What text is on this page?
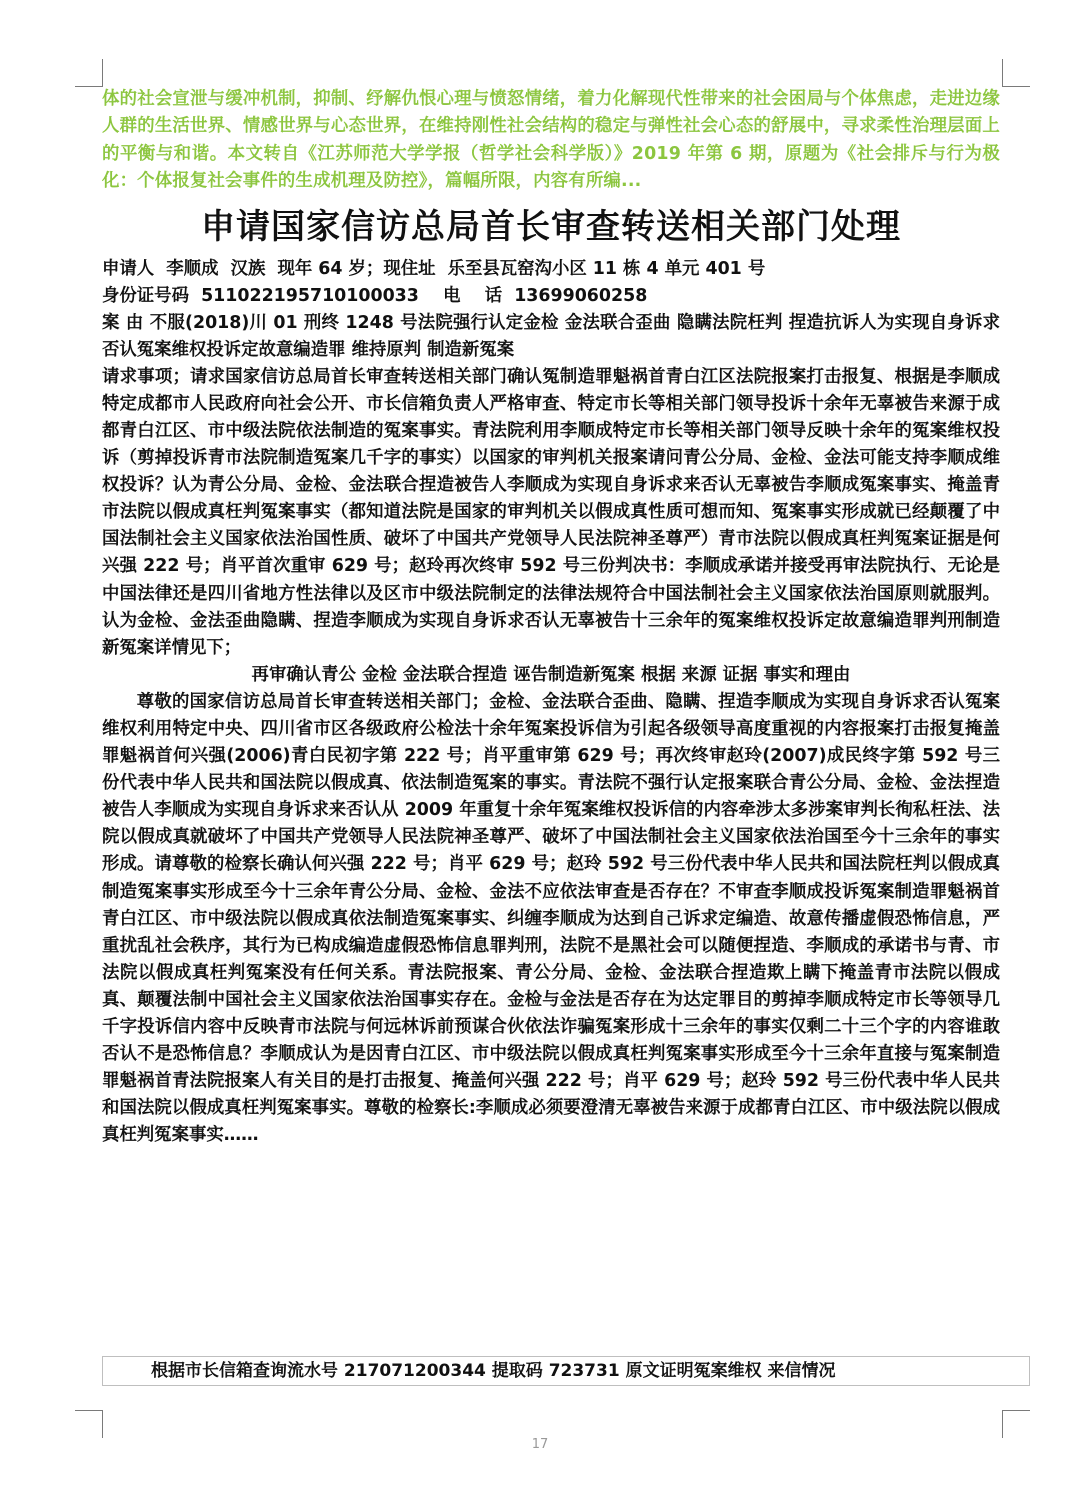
体的社会宣泄与缓冲机制，抑制、纾解仇恨心理与愤怒情绪，着力化解现代性带来的社会困局与个体焦虑，走进边缘人群的生活世界、情感世界与心态世界，在维持刚性社会结构的稳定与弹性社会心态的舒展中，寻求柔性治理层面上的平衡与和谐。本文转自《江苏师范大学学报（哲学社会科学版）》2019 年第 6 期，原题为《社会排斥与行为极化：个体报复社会事件的生成机理及防控》，篇幅所限，内容有所编...
申请国家信访总局首长审查转送相关部门处理
申请人  李顺成  汉族  现年 64 岁；现住址  乐至县瓦窑沟小区 11 栋 4 单元 401 号
身份证号码  511022195710100033    电    话  13699060258
案 由 不服(2018)川 01 刑终 1248 号法院强行认定金检 金法联合歪曲 隐瞒法院枉判 捏造抗诉人为实现自身诉求 否认冤案维权投诉定故意编造罪 维持原判 制造新冤案
请求事项；请求国家信访总局首长审查转送相关部门确认冤制造罪魁祸首青白江区法院报案打击报复、根据是李顺成特定成都市人民政府向社会公开、市长信箱负责人严格审查、特定市长等相关部门领导投诉十余年无辜被告来源于成都青白江区、市中级法院依法制造的冤案事实。青法院利用李顺成特定市长等相关部门领导反映十余年的冤案维权投诉（剪掉投诉青市法院制造冤案几千字的事实）以国家的审判机关报案请问青公分局、金检、金法可能支持李顺成维权投诉？认为青公分局、金检、金法联合捏造被告人李顺成为实现自身诉求来否认无辜被告李顺成冤案事实、掩盖青市法院以假成真枉判冤案事实（都知道法院是国家的审判机关以假成真性质可想而知、冤案事实形成就已经颠覆了中国法制社会主义国家依法治国性质、破坏了中国共产党领导人民法院神圣尊严）青市法院以假成真枉判冤案证据是何兴强 222 号；肖平首次重审 629 号；赵玲再次终审 592 号三份判决书：李顺成承诺并接受再审法院执行、无论是中国法律还是四川省地方性法律以及区市中级法院制定的法律法规符合中国法制社会主义国家依法治国原则就服判。认为金检、金法歪曲隐瞒、捏造李顺成为实现自身诉求否认无辜被告十三余年的冤案维权投诉定故意编造罪判刑制造新冤案详情见下；
再审确认青公 金检 金法联合捏造 诬告制造新冤案 根据 来源 证据 事实和理由
尊敬的国家信访总局首长审查转送相关部门；金检、金法联合歪曲、隐瞒、捏造李顺成为实现自身诉求否认冤案维权利用特定中央、四川省市区各级政府公检法十余年冤案投诉信为引起各级领导高度重视的内容报案打击报复掩盖罪魁祸首何兴强(2006)青白民初字第 222 号；肖平重审第 629 号；再次终审赵玲(2007)成民终字第 592 号三份代表中华人民共和国法院以假成真、依法制造冤案的事实。青法院不强行认定报案联合青公分局、金检、金法捏造被告人李顺成为实现自身诉求来否认从 2009 年重复十余年冤案维权投诉信的内容牵涉太多涉案审判长徇私枉法、法院以假成真就破坏了中国共产党领导人民法院神圣尊严、破坏了中国法制社会主义国家依法治国至今十三余年的事实形成。请尊敬的检察长确认何兴强 222 号；肖平 629 号；赵玲 592 号三份代表中华人民共和国法院枉判以假成真制造冤案事实形成至今十三余年青公分局、金检、金法不应依法审查是否存在？不审查李顺成投诉冤案制造罪魁祸首青白江区、市中级法院以假成真依法制造冤案事实、纠缠李顺成为达到自己诉求定编造、故意传播虚假恐怖信息，严重扰乱社会秩序，其行为已构成编造虚假恐怖信息罪判刑，法院不是黑社会可以随便捏造、李顺成的承诺书与青、市法院以假成真枉判冤案没有任何关系。青法院报案、青公分局、金检、金法联合捏造欺上瞒下掩盖青市法院以假成真、颠覆法制中国社会主义国家依法治国事实存在。金检与金法是否存在为达定罪目的剪掉李顺成特定市长等领导几千字投诉信内容中反映青市法院与何远林诉前预谋合伙依法诈骗冤案形成十三余年的事实仅剩二十三个字的内容谁敢否认不是恐怖信息？李顺成认为是因青白江区、市中级法院以假成真枉判冤案事实形成至今十三余年直接与冤案制造罪魁祸首青法院报案人有关目的是打击报复、掩盖何兴强 222 号；肖平 629 号；赵玲 592 号三份代表中华人民共和国法院以假成真枉判冤案事实。尊敬的检察长:李顺成必须要澄清无辜被告来源于成都青白江区、市中级法院以假成真枉判冤案事实……
根据市长信箱查询流水号 217071200344 提取码 723731 原文证明冤案维权 来信情况
17
